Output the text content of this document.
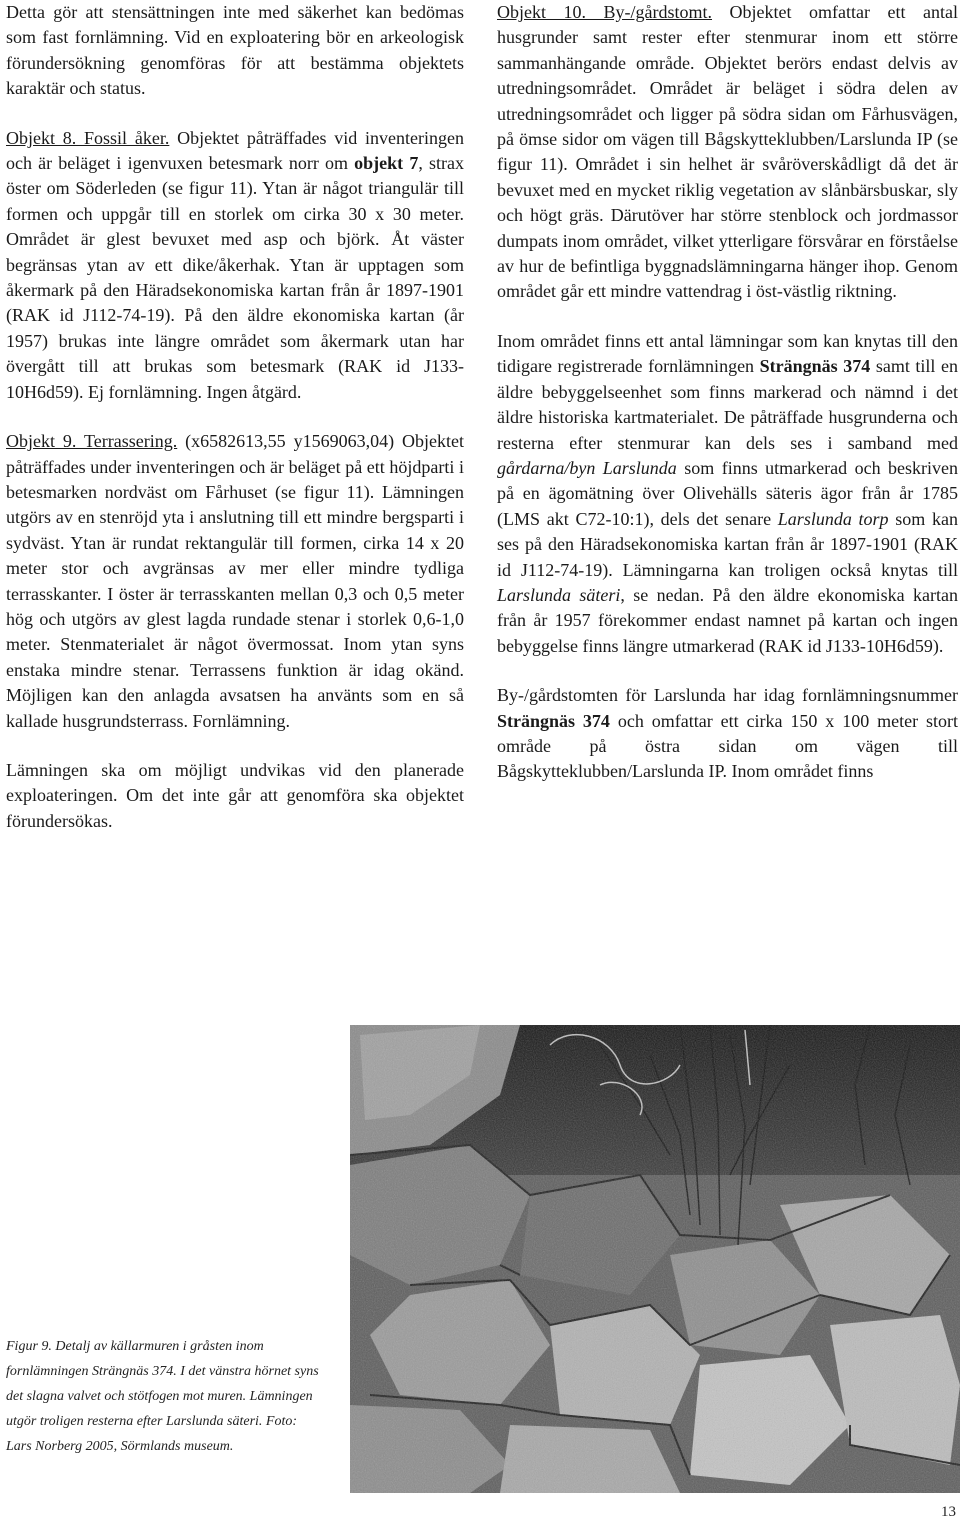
Detta gör att stensättningen inte med säkerhet kan bedömas som fast fornlämning. Vid en exploatering bör en arkeologisk förundersökning genomföras för att bestämma objektets karaktär och status.

Objekt 8. Fossil åker. Objektet påträffades vid inventeringen och är beläget i igenvuxen betesmark norr om objekt 7, strax öster om Söderleden (se figur 11). Ytan är något triangulär till formen och uppgår till en storlek om cirka 30 x 30 meter. Området är glest bevuxet med asp och björk. Åt väster begränsas ytan av ett dike/åkerhak. Ytan är upptagen som åkermark på den Häradsekonomiska kartan från år 1897-1901 (RAK id J112-74-19). På den äldre ekonomiska kartan (år 1957) brukas inte längre området som åkermark utan har övergått till att brukas som betesmark (RAK id J133-10H6d59). Ej fornlämning. Ingen åtgärd.

Objekt 9. Terrassering. (x6582613,55 y1569063,04) Objektet påträffades under inventeringen och är beläget på ett höjdparti i betesmarken nordväst om Fårhuset (se figur 11). Lämningen utgörs av en stenröjd yta i anslutning till ett mindre bergsparti i sydväst. Ytan är rundat rektangulär till formen, cirka 14 x 20 meter stor och avgränsas av mer eller mindre tydliga terrasskanter. I öster är terrasskanten mellan 0,3 och 0,5 meter hög och utgörs av glest lagda rundade stenar i storlek 0,6-1,0 meter. Stenmaterialet är något övermossat. Inom ytan syns enstaka mindre stenar. Terrassens funktion är idag okänd. Möjligen kan den anlagda avsatsen ha använts som en så kallade husgrundsterrass. Fornlämning.

Lämningen ska om möjligt undvikas vid den planerade exploateringen. Om det inte går att genomföra ska objektet förundersökas.

Objekt 10. By-/gårdstomt. Objektet omfattar ett antal husgrunder samt rester efter stenmurar inom ett större sammanhängande område. Objektet berörs endast delvis av utredningsområdet. Området är beläget i södra delen av utredningsområdet och ligger på södra sidan om Fårhusvägen, på ömse sidor om vägen till Bågskytteklubben/Larslunda IP (se figur 11). Området i sin helhet är svåröverskådligt då det är bevuxet med en mycket riklig vegetation av slånbärsbuskar, sly och högt gräs. Därutöver har större stenblock och jordmassor dumpats inom området, vilket ytterligare försvårar en förståelse av hur de befintliga byggnadslämningarna hänger ihop. Genom området går ett mindre vattendrag i öst-västlig riktning.

Inom området finns ett antal lämningar som kan knytas till den tidigare registrerade fornlämningen Strängnäs 374 samt till en äldre bebyggelseenhet som finns markerad och nämnd i det äldre historiska kartmaterialet. De påträffade husgrunderna och resterna efter stenmurar kan dels ses i samband med gårdarna/byn Larslunda som finns utmarkerad och beskriven på en ägomätning över Olivehälls säteris ägor från år 1785 (LMS akt C72-10:1), dels det senare Larslunda torp som kan ses på den Häradsekonomiska kartan från år 1897-1901 (RAK id J112-74-19). Lämningarna kan troligen också knytas till Larslunda säteri, se nedan. På den äldre ekonomiska kartan från år 1957 förekommer endast namnet på kartan och ingen bebyggelse finns längre utmarkerad (RAK id J133-10H6d59).

By-/gårdstomten för Larslunda har idag fornlämningsnummer Strängnäs 374 och omfattar ett cirka 150 x 100 meter stort område på östra sidan om vägen till Bågskytteklubben/Larslunda IP. Inom området finns

Figur 9. Detalj av källarmuren i gråsten inom fornlämningen Strängnäs 374. I det vänstra hörnet syns det slagna valvet och stötfogen mot muren. Lämningen utgör troligen resterna efter Larslunda säteri. Foto: Lars Norberg 2005, Sörmlands museum.
13
